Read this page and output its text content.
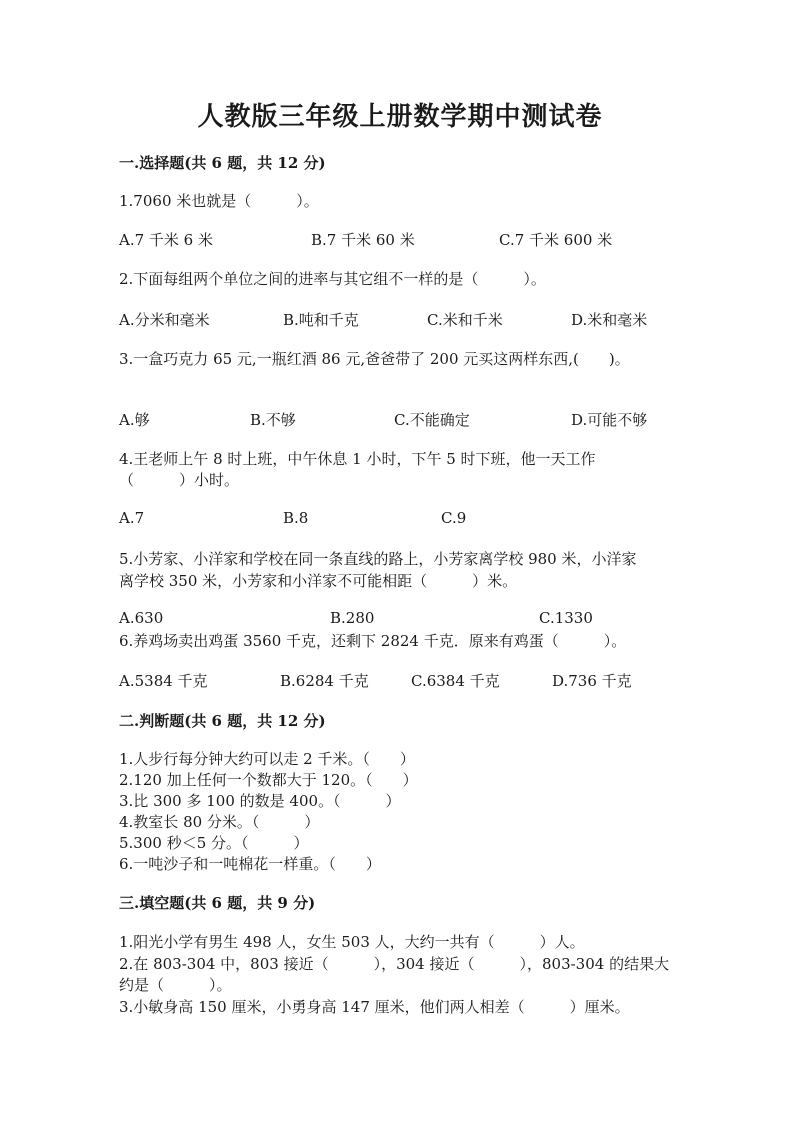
人教版三年级上册数学期中测试卷
一.选择题(共 6 题，共 12 分)
1.7060 米也就是（　　　）。
A.7 千米 6 米	B.7 千米 60 米	C.7 千米 600 米
2.下面每组两个单位之间的进率与其它组不一样的是（　　　）。
A.分米和毫米	B.吨和千克	C.米和千米	D.米和毫米
3.一盒巧克力 65 元,一瓶红酒 86 元,爸爸带了 200 元买这两样东西,(　　)。
A.够	B.不够	C.不能确定	D.可能不够
4.王老师上午 8 时上班，中午休息 1 小时，下午 5 时下班，他一天工作
（　　　）小时。
A.7	B.8	C.9
5.小芳家、小洋家和学校在同一条直线的路上，小芳家离学校 980 米，小洋家
离学校 350 米，小芳家和小洋家不可能相距（　　　）米。
A.630	B.280	C.1330
6.养鸡场卖出鸡蛋 3560 千克，还剩下 2824 千克．原来有鸡蛋（　　　）。
A.5384 千克	B.6284 千克	C.6384 千克	D.736 千克
二.判断题(共 6 题，共 12 分)
1.人步行每分钟大约可以走 2 千米。（　　）
2.120 加上任何一个数都大于 120。（　　）
3.比 300 多 100 的数是 400。（　　　）
4.教室长 80 分米。（　　　）
5.300 秒＜5 分。（　　　）
6.一吨沙子和一吨棉花一样重。（　　）
三.填空题(共 6 题，共 9 分)
1.阳光小学有男生 498 人，女生 503 人，大约一共有（　　　）人。
2.在 803-304 中，803 接近（　　　），304 接近（　　　），803-304 的结果大
约是（　　　）。
3.小敏身高 150 厘米，小勇身高 147 厘米，他们两人相差（　　　）厘米。
